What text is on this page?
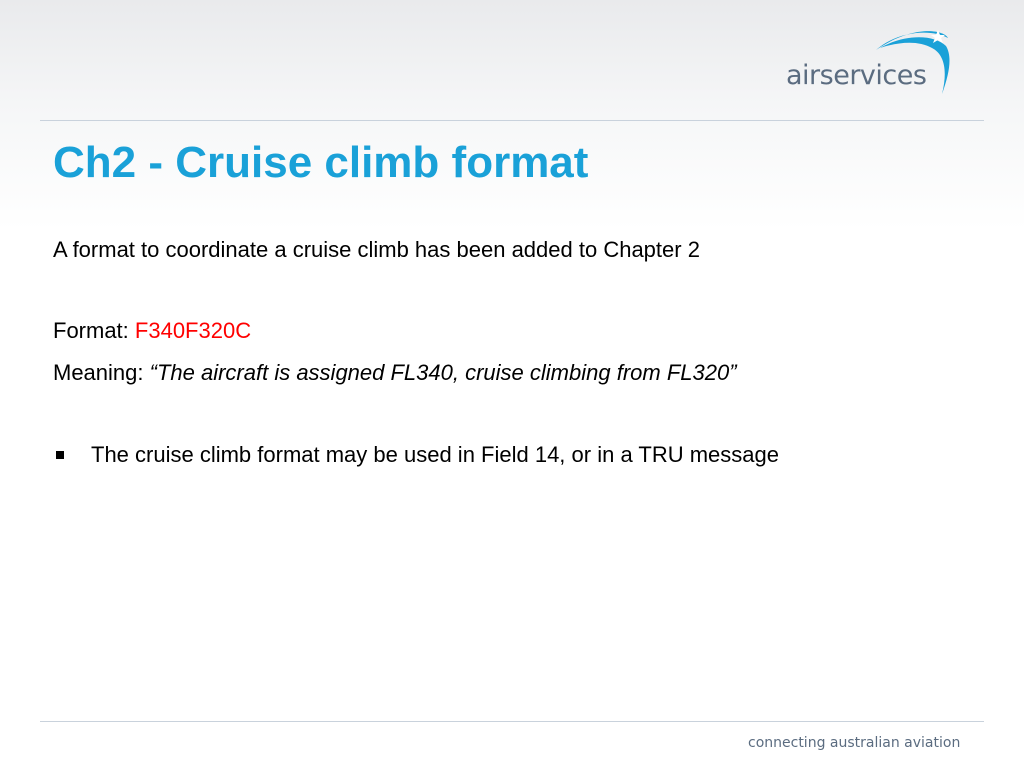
airservices
Ch2 - Cruise climb format
A format to coordinate a cruise climb has been added to Chapter 2
Format: F340F320C
Meaning: “The aircraft is assigned FL340, cruise climbing from FL320”
The cruise climb format may be used in Field 14, or in a TRU message
connecting australian aviation
